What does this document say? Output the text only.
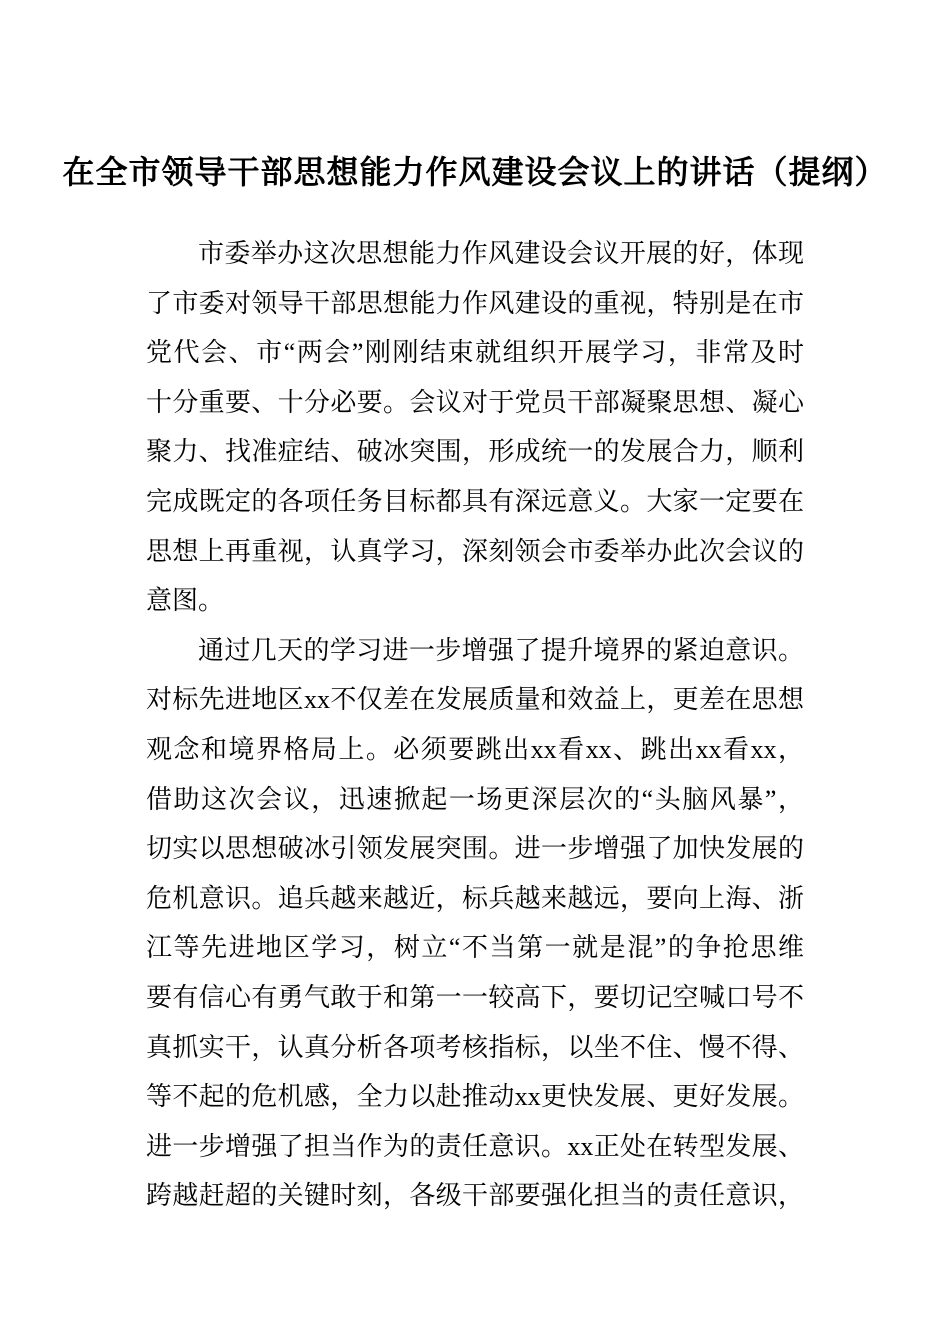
在全市领导干部思想能力作风建设会议上的讲话（提纲）
市委举办这次思想能力作风建设会议开展的好，体现
了市委对领导干部思想能力作风建设的重视，特别是在市
党代会、市“两会”刚刚结束就组织开展学习，非常及时
十分重要、十分必要。会议对于党员干部凝聚思想、凝心
聚力、找准症结、破冰突围，形成统一的发展合力，顺利
完成既定的各项任务目标都具有深远意义。大家一定要在
思想上再重视，认真学习，深刻领会市委举办此次会议的
意图。
通过几天的学习进一步增强了提升境界的紧迫意识。
对标先进地区xx不仅差在发展质量和效益上，更差在思想
观念和境界格局上。必须要跳出xx看xx、跳出xx看xx，
借助这次会议，迅速掀起一场更深层次的“头脑风暴”，
切实以思想破冰引领发展突围。进一步增强了加快发展的
危机意识。追兵越来越近，标兵越来越远，要向上海、浙
江等先进地区学习，树立“不当第一就是混”的争抢思维
要有信心有勇气敢于和第一一较高下，要切记空喊口号不
真抓实干，认真分析各项考核指标，以坐不住、慢不得、
等不起的危机感，全力以赴推动xx更快发展、更好发展。
进一步增强了担当作为的责任意识。xx正处在转型发展、
跨越赶超的关键时刻，各级干部要强化担当的责任意识，
